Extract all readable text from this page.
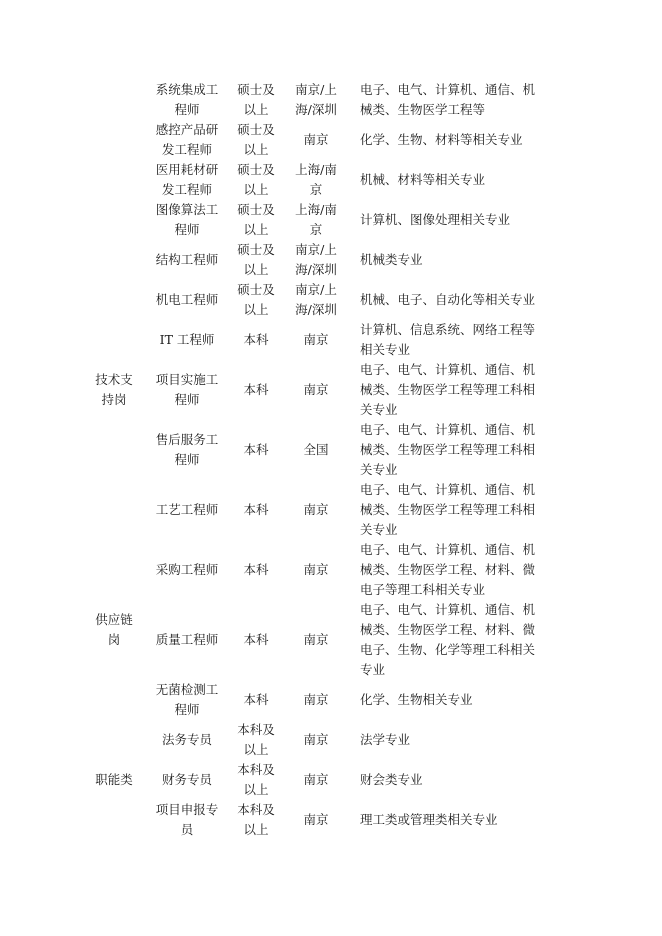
	系统集成工程师	硕士及以上	南京/上海/深圳	电子、电气、计算机、通信、机械类、生物医学工程等

	感控产品研发工程师	硕士及以上	南京	化学、生物、材料等相关专业

	医用耗材研发工程师	硕士及以上	上海/南京	机械、材料等相关专业

	图像算法工程师	硕士及以上	上海/南京	计算机、图像处理相关专业

	结构工程师	硕士及以上	南京/上海/深圳	机械类专业

	机电工程师	硕士及以上	南京/上海/深圳	机械、电子、自动化等相关专业

	IT 工程师	本科	南京	计算机、信息系统、网络工程等相关专业

技术支持岗	项目实施工程师	本科	南京	电子、电气、计算机、通信、机械类、生物医学工程等理工科相关专业

	售后服务工程师	本科	全国	电子、电气、计算机、通信、机械类、生物医学工程等理工科相关专业

	工艺工程师	本科	南京	电子、电气、计算机、通信、机械类、生物医学工程等理工科相关专业

供应链岗	采购工程师	本科	南京	电子、电气、计算机、通信、机械类、生物医学工程、材料、微电子等理工科相关专业

	质量工程师	本科	南京	电子、电气、计算机、通信、机械类、生物医学工程、材料、微电子、生物、化学等理工科相关专业

	无菌检测工程师	本科	南京	化学、生物相关专业

职能类	法务专员	本科及以上	南京	法学专业

	财务专员	本科及以上	南京	财会类专业

	项目申报专员	本科及以上	南京	理工类或管理类相关专业
